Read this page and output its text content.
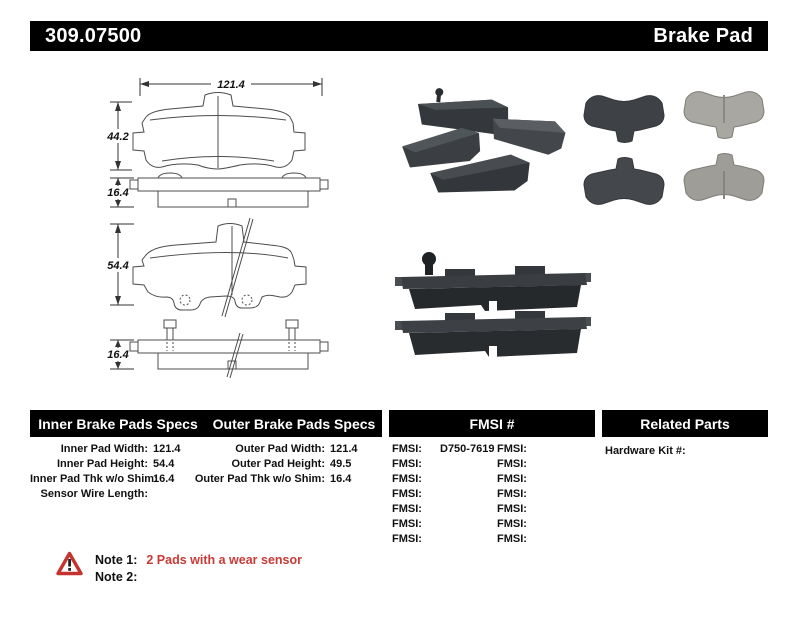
309.07500	Brake Pad
121.4
44.2
16.4
54.4
16.4
Inner Brake Pads Specs	Outer Brake Pads Specs	FMSI #	Related Parts
Inner Pad Width: 121.4
Inner Pad Height: 54.4
Inner Pad Thk w/o Shim:
16.4
Sensor Wire Length:
Outer Pad Width: 121.4
Outer Pad Height: 49.5
Outer Pad Thk w/o Shim: 16.4
FMSI:	D750-7619
FMSI:
FMSI:
FMSI:
FMSI:
FMSI:
FMSI:
FMSI:
FMSI:
FMSI:
FMSI:
FMSI:
FMSI:
FMSI:
Hardware Kit #:
Note 1: 2 Pads with a wear sensor
Note 2:
